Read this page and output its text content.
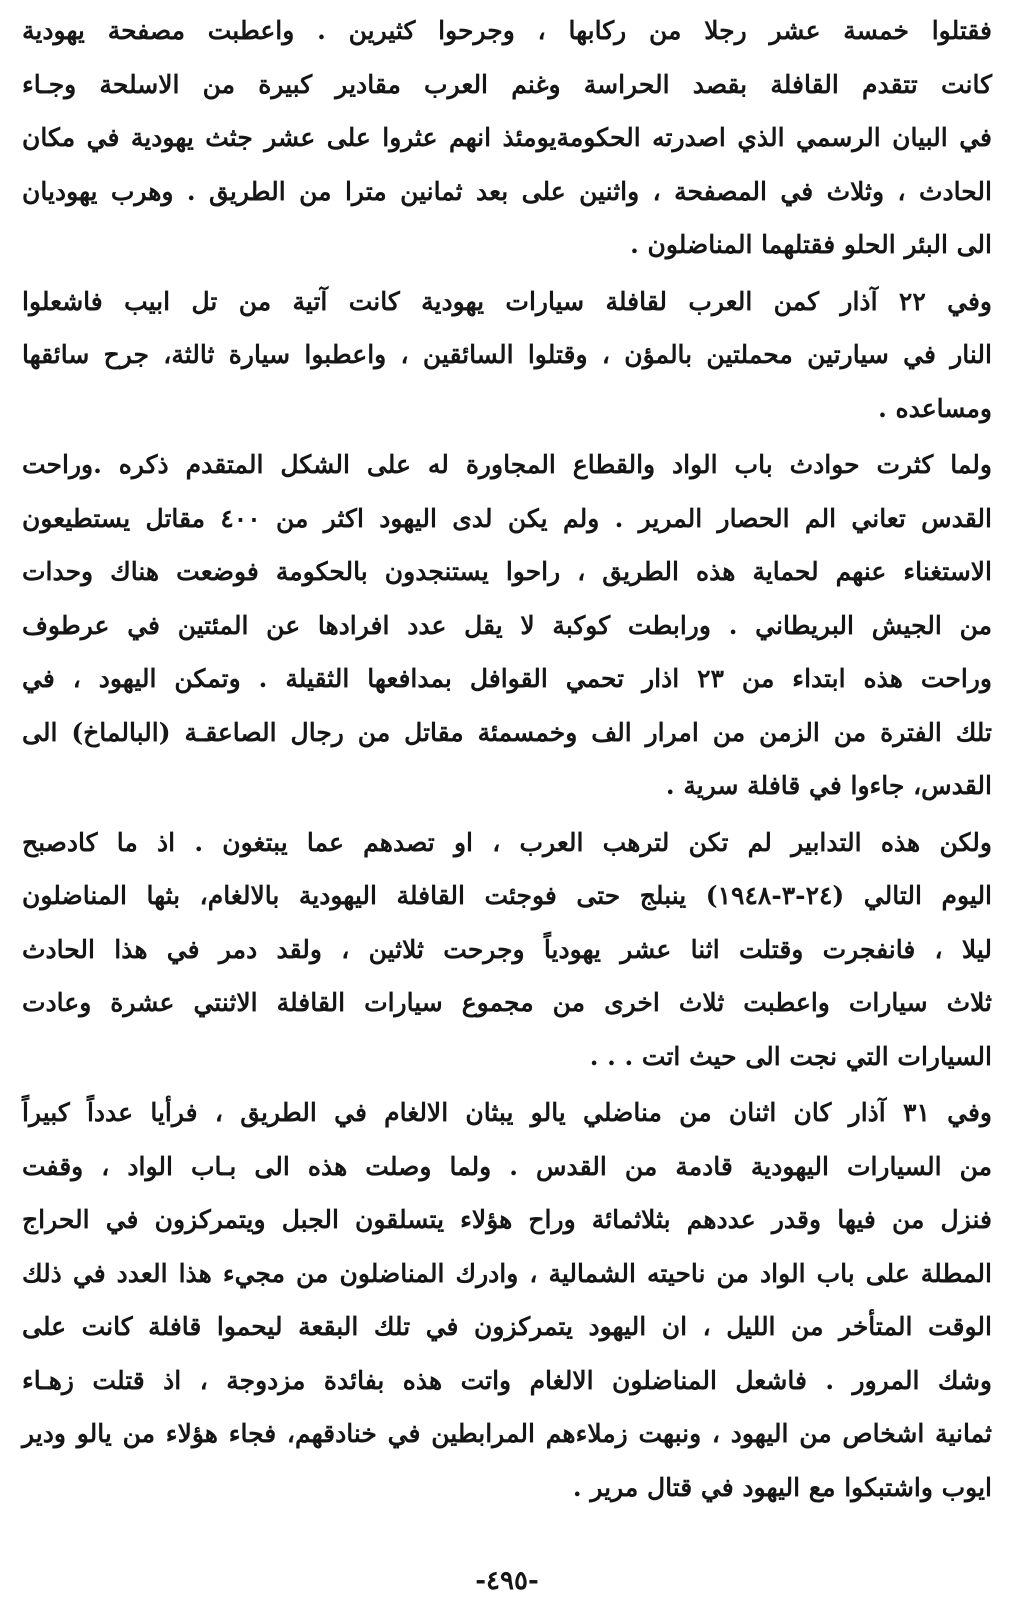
فقتلوا خمسة عشر رجلا من ركابها ، وجرحوا كثيرين . واعطبت مصفحة يهودية
كانت تتقدم القافلة بقصد الحراسة وغنم العرب مقادير كبيرة من الاسلحة وجـاء
في البيان الرسمي الذي اصدرته الحكومةيومئذ انهم عثروا على عشر جثث يهودية في مكان
الحادث ، وثلاث في المصفحة ، واثنين على بعد ثمانين مترا من الطريق . وهرب يهوديان
الى البئر الحلو فقتلهما المناضلون .
وفي ٢٢ آذار كمن العرب لقافلة سيارات يهودية كانت آتية من تل ابيب فاشعلوا
النار في سيارتين محملتين بالمؤن ، وقتلوا السائقين ، واعطبوا سيارة ثالثة، جرح سائقها
ومساعده .
ولما كثرت حوادث باب الواد والقطاع المجاورة له على الشكل المتقدم ذكره .وراحت
القدس تعاني الم الحصار المرير . ولم يكن لدى اليهود اكثر من ٤٠٠ مقاتل يستطيعون
الاستغناء عنهم لحماية هذه الطريق ، راحوا يستنجدون بالحكومة فوضعت هناك وحدات
من الجيش البريطاني . ورابطت كوكبة لا يقل عدد افرادها عن المئتين في عرطوف
وراحت هذه ابتداء من ٢٣ اذار تحمي القوافل بمدافعها الثقيلة . وتمكن اليهود ، في
تلك الفترة من الزمن من امرار الف وخمسمئة مقاتل من رجال الصاعقـة (البالماخ) الى
القدس، جاءوا في قافلة سرية .
ولكن هذه التدابير لم تكن لترهب العرب ، او تصدهم عما يبتغون . اذ ما كادصبح
اليوم التالي (٢٤-٣-١٩٤٨) ينبلج حتى فوجئت القافلة اليهودية بالالغام، بثها المناضلون
ليلا ، فانفجرت وقتلت اثنا عشر يهودياً وجرحت ثلاثين ، ولقد دمر في هذا الحادث
ثلاث سيارات واعطبت ثلاث اخرى من مجموع سيارات القافلة الاثنتي عشرة وعادت
السيارات التي نجت الى حيث اتت . . .
وفي ٣١ آذار كان اثنان من مناضلي يالو يبثان الالغام في الطريق ، فرأيا عدداً كبيراً
من السيارات اليهودية قادمة من القدس . ولما وصلت هذه الى بـاب الواد ، وقفت
فنزل من فيها وقدر عددهم بثلاثمائة وراح هؤلاء يتسلقون الجبل ويتمركزون في الحراج
المطلة على باب الواد من ناحيته الشمالية ، وادرك المناضلون من مجيء هذا العدد في ذلك
الوقت المتأخر من الليل ، ان اليهود يتمركزون في تلك البقعة ليحموا قافلة كانت على
وشك المرور . فاشعل المناضلون الالغام واتت هذه بفائدة مزدوجة ، اذ قتلت زهـاء
ثمانية اشخاص من اليهود ، ونبهت زملاءهم المرابطين في خنادقهم، فجاء هؤلاء من يالو ودير
ايوب واشتبكوا مع اليهود في قتال مرير .
-٤٩٥-
